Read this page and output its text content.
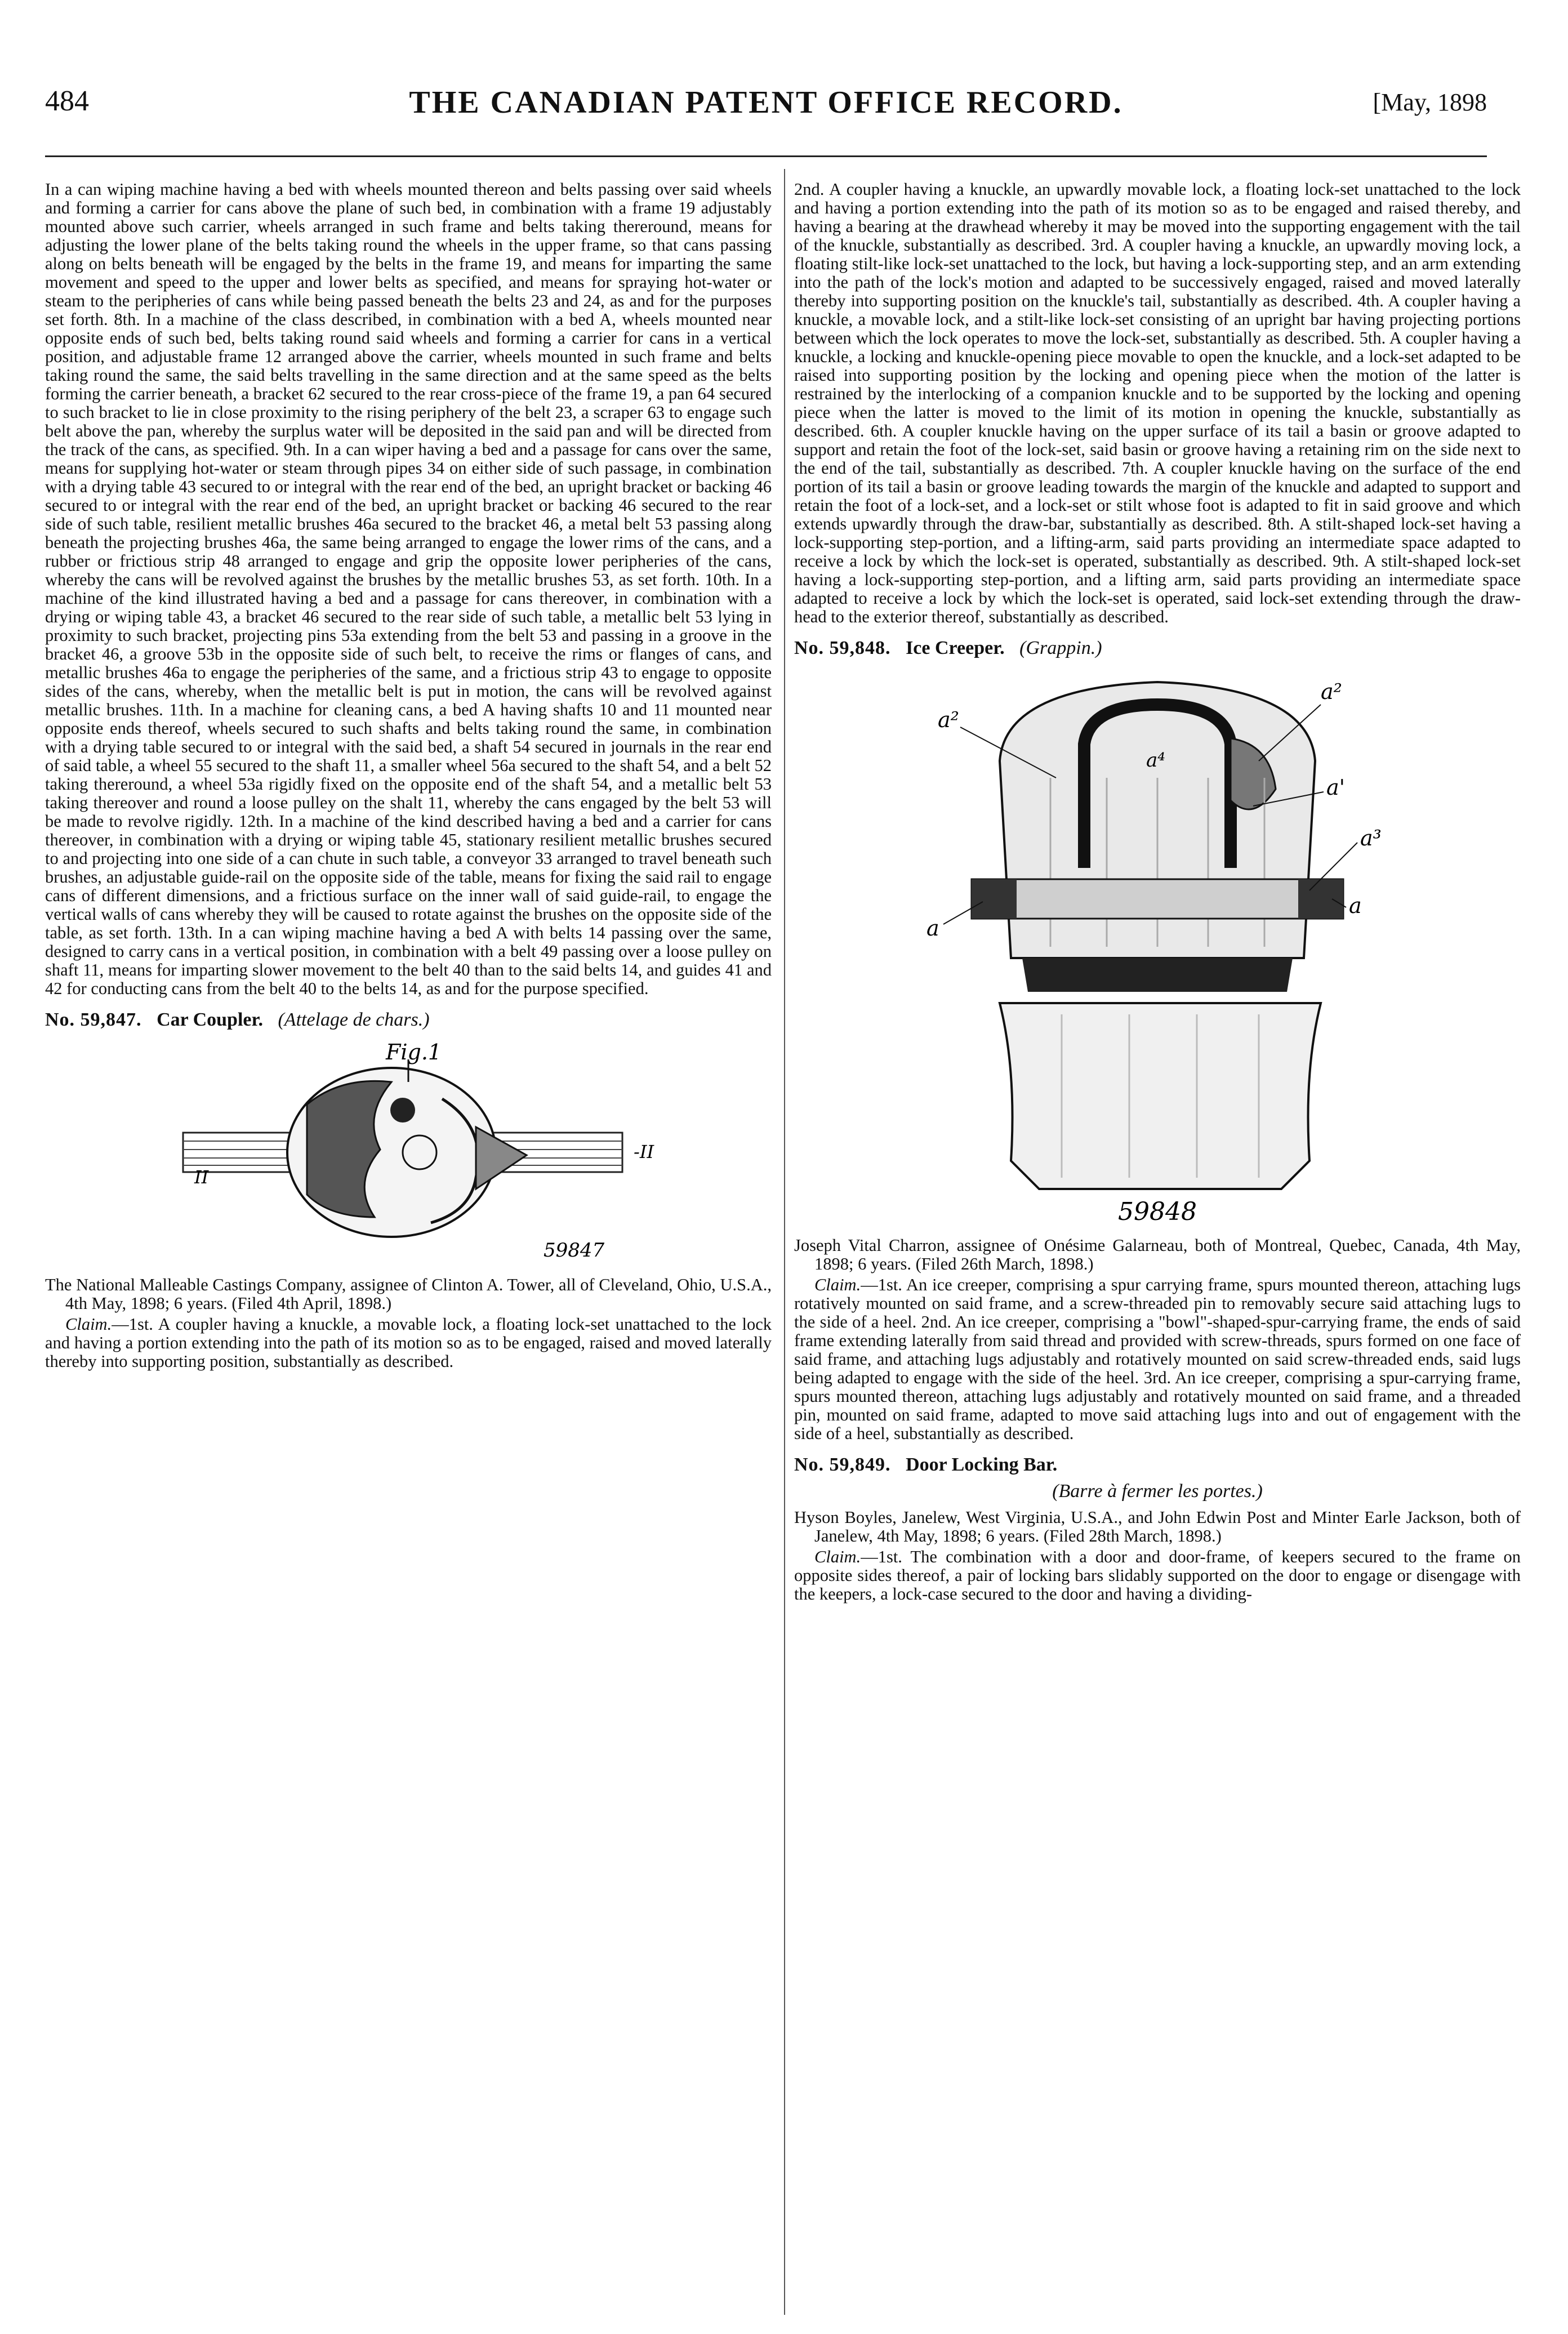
484	THE CANADIAN PATENT OFFICE RECORD.	[May, 1898

In a can wiping machine having a bed with wheels mounted thereon and belts passing over said wheels and forming a carrier for cans above the plane of such bed, in combination with a frame 19 adjustably mounted above such carrier, wheels arranged in such frame and belts taking thereround, means for adjusting the lower plane of the belts taking round the wheels in the upper frame, so that cans passing along on belts beneath will be engaged by the belts in the frame 19, and means for imparting the same movement and speed to the upper and lower belts as specified, and means for spraying hot-water or steam to the peripheries of cans while being passed beneath the belts 23 and 24, as and for the purposes set forth. 8th. In a machine of the class described, in combination with a bed A, wheels mounted near opposite ends of such bed, belts taking round said wheels and forming a carrier for cans in a vertical position, and adjustable frame 12 arranged above the carrier, wheels mounted in such frame and belts taking round the same, the said belts travelling in the same direction and at the same speed as the belts forming the carrier beneath, a bracket 62 secured to the rear cross-piece of the frame 19, a pan 64 secured to such bracket to lie in close proximity to the rising periphery of the belt 23, a scraper 63 to engage such belt above the pan, whereby the surplus water will be deposited in the said pan and will be directed from the track of the cans, as specified. 9th. In a can wiper having a bed and a passage for cans over the same, means for supplying hot-water or steam through pipes 34 on either side of such passage, in combination with a drying table 43 secured to or integral with the rear end of the bed, an upright bracket or backing 46 secured to or integral with the rear end of the bed, an upright bracket or backing 46 secured to the rear side of such table, resilient metallic brushes 46a secured to the bracket 46, a metal belt 53 passing along beneath the projecting brushes 46a, the same being arranged to engage the lower rims of the cans, and a rubber or frictious strip 48 arranged to engage and grip the opposite lower peripheries of the cans, whereby the cans will be revolved against the brushes by the metallic brushes 53, as set forth. 10th. In a machine of the kind illustrated having a bed and a passage for cans thereover, in combination with a drying or wiping table 43, a bracket 46 secured to the rear side of such table, a metallic belt 53 lying in proximity to such bracket, projecting pins 53a extending from the belt 53 and passing in a groove in the bracket 46, a groove 53b in the opposite side of such belt, to receive the rims or flanges of cans, and metallic brushes 46a to engage the peripheries of the same, and a frictious strip 43 to engage to opposite sides of the cans, whereby, when the metallic belt is put in motion, the cans will be revolved against metallic brushes. 11th. In a machine for cleaning cans, a bed A having shafts 10 and 11 mounted near opposite ends thereof, wheels secured to such shafts and belts taking round the same, in combination with a drying table secured to or integral with the said bed, a shaft 54 secured in journals in the rear end of said table, a wheel 55 secured to the shaft 11, a smaller wheel 56a secured to the shaft 54, and a belt 52 taking thereround, a wheel 53a rigidly fixed on the opposite end of the shaft 54, and a metallic belt 53 taking thereover and round a loose pulley on the shalt 11, whereby the cans engaged by the belt 53 will be made to revolve rigidly. 12th. In a machine of the kind described having a bed and a carrier for cans thereover, in combination with a drying or wiping table 45, stationary resilient metallic brushes secured to and projecting into one side of a can chute in such table, a conveyor 33 arranged to travel beneath such brushes, an adjustable guide-rail on the opposite side of the table, means for fixing the said rail to engage cans of different dimensions, and a frictious surface on the inner wall of said guide-rail, to engage the vertical walls of cans whereby they will be caused to rotate against the brushes on the opposite side of the table, as set forth. 13th. In a can wiping machine having a bed A with belts 14 passing over the same, designed to carry cans in a vertical position, in combination with a belt 49 passing over a loose pulley on shaft 11, means for imparting slower movement to the belt 40 than to the said belts 14, and guides 41 and 42 for conducting cans from the belt 40 to the belts 14, as and for the purpose specified.

No. 59,847. Car Coupler. (Attelage de chars.)
Fig.1
II
-II
59847

The National Malleable Castings Company, assignee of Clinton A. Tower, all of Cleveland, Ohio, U.S.A., 4th May, 1898; 6 years. (Filed 4th April, 1898.)

Claim.—1st. A coupler having a knuckle, a movable lock, a floating lock-set unattached to the lock and having a portion extending into the path of its motion so as to be engaged, raised and moved laterally thereby into supporting position, substantially as described.

2nd. A coupler having a knuckle, an upwardly movable lock, a floating lock-set unattached to the lock and having a portion extending into the path of its motion so as to be engaged and raised thereby, and having a bearing at the drawhead whereby it may be moved into the supporting engagement with the tail of the knuckle, substantially as described. 3rd. A coupler having a knuckle, an upwardly moving lock, a floating stilt-like lock-set unattached to the lock, but having a lock-supporting step, and an arm extending into the path of the lock's motion and adapted to be successively engaged, raised and moved laterally thereby into supporting position on the knuckle's tail, substantially as described. 4th. A coupler having a knuckle, a movable lock, and a stilt-like lock-set consisting of an upright bar having projecting portions between which the lock operates to move the lock-set, substantially as described. 5th. A coupler having a knuckle, a locking and knuckle-opening piece movable to open the knuckle, and a lock-set adapted to be raised into supporting position by the locking and opening piece when the motion of the latter is restrained by the interlocking of a companion knuckle and to be supported by the locking and opening piece when the latter is moved to the limit of its motion in opening the knuckle, substantially as described. 6th. A coupler knuckle having on the upper surface of its tail a basin or groove adapted to support and retain the foot of the lock-set, said basin or groove having a retaining rim on the side next to the end of the tail, substantially as described. 7th. A coupler knuckle having on the surface of the end portion of its tail a basin or groove leading towards the margin of the knuckle and adapted to support and retain the foot of a lock-set, and a lock-set or stilt whose foot is adapted to fit in said groove and which extends upwardly through the draw-bar, substantially as described. 8th. A stilt-shaped lock-set having a lock-supporting step-portion, and a lifting-arm, said parts providing an intermediate space adapted to receive a lock by which the lock-set is operated, substantially as described. 9th. A stilt-shaped lock-set having a lock-supporting step-portion, and a lifting arm, said parts providing an intermediate space adapted to receive a lock by which the lock-set is operated, said lock-set extending through the draw-head to the exterior thereof, substantially as described.

No. 59,848. Ice Creeper. (Grappin.)
a²
a²
a⁴
a'
a³
a
a
59848

Joseph Vital Charron, assignee of Onésime Galarneau, both of Montreal, Quebec, Canada, 4th May, 1898; 6 years. (Filed 26th March, 1898.)

Claim.—1st. An ice creeper, comprising a spur carrying frame, spurs mounted thereon, attaching lugs rotatively mounted on said frame, and a screw-threaded pin to removably secure said attaching lugs to the side of a heel. 2nd. An ice creeper, comprising a "bowl"-shaped-spur-carrying frame, the ends of said frame extending laterally from said thread and provided with screw-threads, spurs formed on one face of said frame, and attaching lugs adjustably and rotatively mounted on said screw-threaded ends, said lugs being adapted to engage with the side of the heel. 3rd. An ice creeper, comprising a spur-carrying frame, spurs mounted thereon, attaching lugs adjustably and rotatively mounted on said frame, and a threaded pin, mounted on said frame, adapted to move said attaching lugs into and out of engagement with the side of a heel, substantially as described.

No. 59,849. Door Locking Bar.
(Barre à fermer les portes.)

Hyson Boyles, Janelew, West Virginia, U.S.A., and John Edwin Post and Minter Earle Jackson, both of Janelew, 4th May, 1898; 6 years. (Filed 28th March, 1898.)

Claim.—1st. The combination with a door and door-frame, of keepers secured to the frame on opposite sides thereof, a pair of locking bars slidably supported on the door to engage or disengage with the keepers, a lock-case secured to the door and having a dividing-
